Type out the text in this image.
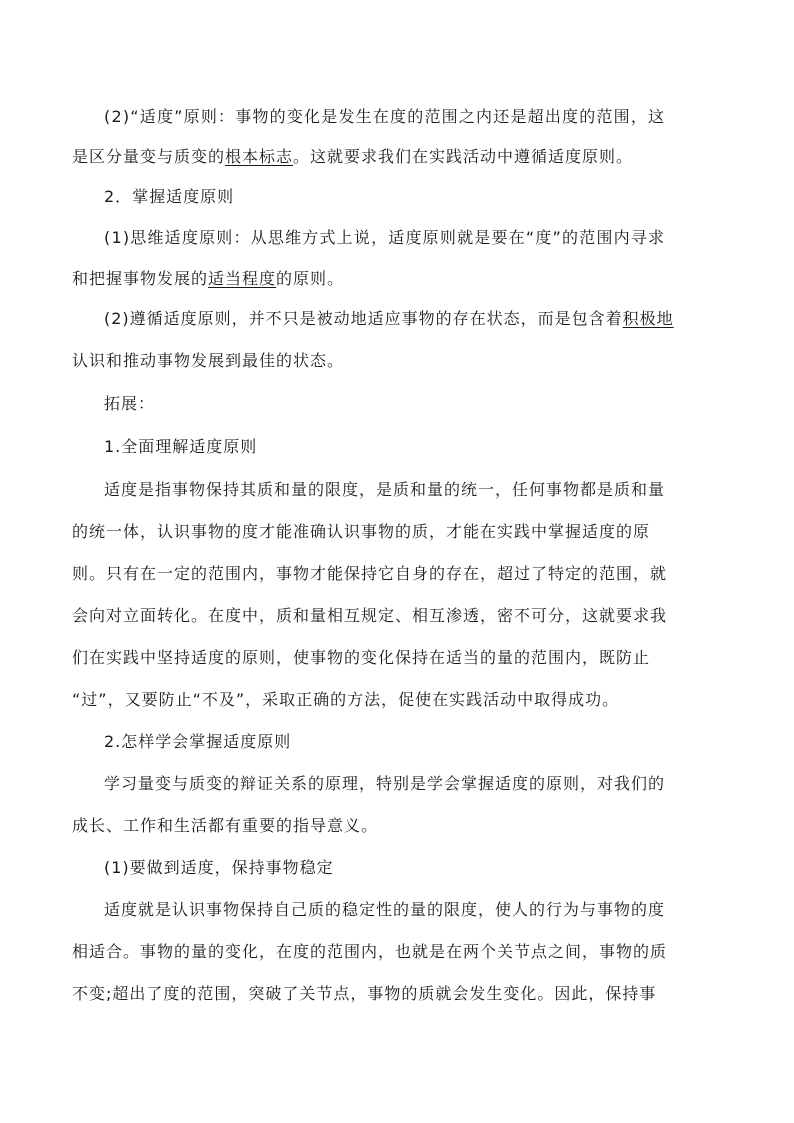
(2)“适度”原则：事物的变化是发生在度的范围之内还是超出度的范围，这
是区分量变与质变的根本标志。这就要求我们在实践活动中遵循适度原则。
2．掌握适度原则
(1)思维适度原则：从思维方式上说，适度原则就是要在“度”的范围内寻求
和把握事物发展的适当程度的原则。
(2)遵循适度原则，并不只是被动地适应事物的存在状态，而是包含着积极地
认识和推动事物发展到最佳的状态。
拓展：
1.全面理解适度原则
适度是指事物保持其质和量的限度，是质和量的统一，任何事物都是质和量
的统一体，认识事物的度才能准确认识事物的质，才能在实践中掌握适度的原
则。只有在一定的范围内，事物才能保持它自身的存在，超过了特定的范围，就
会向对立面转化。在度中，质和量相互规定、相互渗透，密不可分，这就要求我
们在实践中坚持适度的原则，使事物的变化保持在适当的量的范围内，既防止
“过”，又要防止“不及”，采取正确的方法，促使在实践活动中取得成功。
2.怎样学会掌握适度原则
学习量变与质变的辩证关系的原理，特别是学会掌握适度的原则，对我们的
成长、工作和生活都有重要的指导意义。
(1)要做到适度，保持事物稳定
适度就是认识事物保持自己质的稳定性的量的限度，使人的行为与事物的度
相适合。事物的量的变化，在度的范围内，也就是在两个关节点之间，事物的质
不变;超出了度的范围，突破了关节点，事物的质就会发生变化。因此，保持事
